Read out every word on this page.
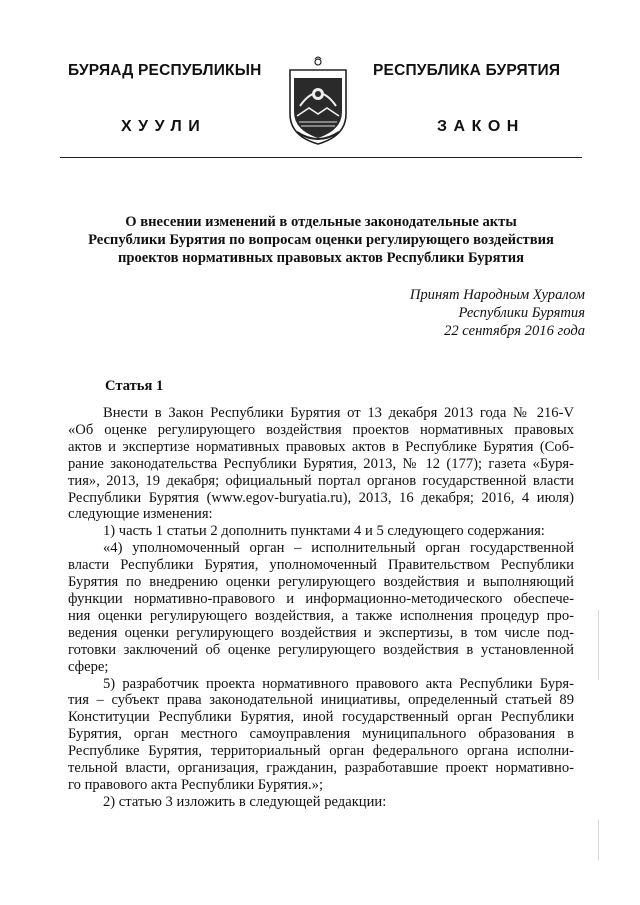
БУРЯАД РЕСПУБЛИКЫН
ХУУЛИ
РЕСПУБЛИКА БУРЯТИЯ
ЗАКОН
О внесении изменений в отдельные законодательные акты
Республики Бурятия по вопросам оценки регулирующего воздействия
проектов нормативных правовых актов Республики Бурятия
Принят Народным Хуралом
Республики Бурятия
22 сентября 2016 года
Статья 1
Внести в Закон Республики Бурятия от 13 декабря 2013 года № 216-V
«Об оценке регулирующего воздействия проектов нормативных правовых
актов и экспертизе нормативных правовых актов в Республике Бурятия (Соб-
рание законодательства Республики Бурятия, 2013, № 12 (177); газета «Буря-
тия», 2013, 19 декабря; официальный портал органов государственной власти
Республики Бурятия (www.egov-buryatia.ru), 2013, 16 декабря; 2016, 4 июля)
следующие изменения:
1) часть 1 статьи 2 дополнить пунктами 4 и 5 следующего содержания:
«4) уполномоченный орган – исполнительный орган государственной
власти Республики Бурятия, уполномоченный Правительством Республики
Бурятия по внедрению оценки регулирующего воздействия и выполняющий
функции нормативно-правового и информационно-методического обеспече-
ния оценки регулирующего воздействия, а также исполнения процедур про-
ведения оценки регулирующего воздействия и экспертизы, в том числе под-
готовки заключений об оценке регулирующего воздействия в установленной
сфере;
5) разработчик проекта нормативного правового акта Республики Буря-
тия – субъект права законодательной инициативы, определенный статьей 89
Конституции Республики Бурятия, иной государственный орган Республики
Бурятия, орган местного самоуправления муниципального образования в
Республике Бурятия, территориальный орган федерального органа исполни-
тельной власти, организация, гражданин, разработавшие проект нормативно-
го правового акта Республики Бурятия.»;
2) статью 3 изложить в следующей редакции:
